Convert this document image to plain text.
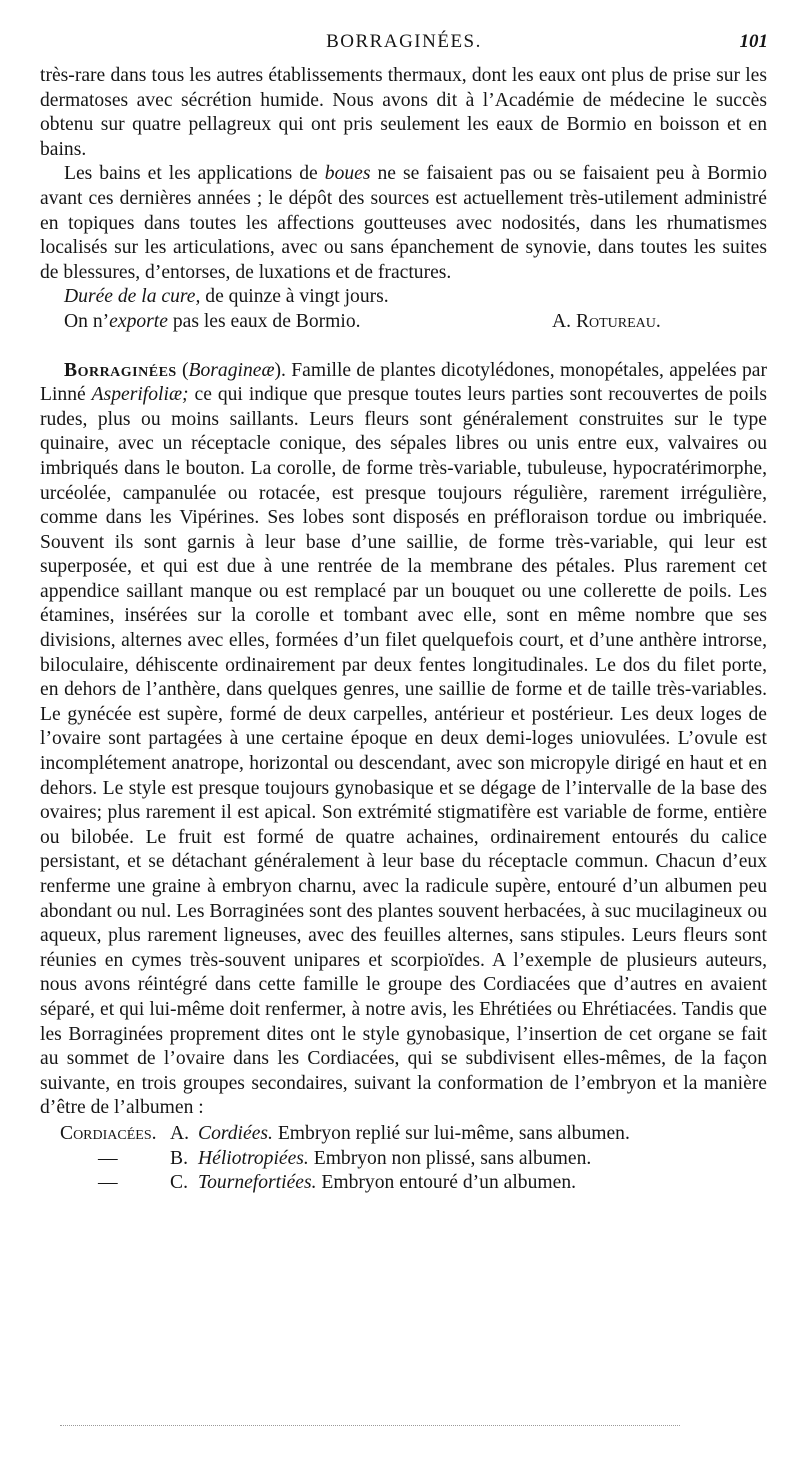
BORRAGINÉES.	101

très-rare dans tous les autres établissements thermaux, dont les eaux ont plus de prise sur les dermatoses avec sécrétion humide. Nous avons dit à l’Académie de médecine le succès obtenu sur quatre pellagreux qui ont pris seulement les eaux de Bormio en boisson et en bains.

Les bains et les applications de boues ne se faisaient pas ou se faisaient peu à Bormio avant ces dernières années ; le dépôt des sources est actuellement très-utilement administré en topiques dans toutes les affections goutteuses avec nodosités, dans les rhumatismes localisés sur les articulations, avec ou sans épanchement de synovie, dans toutes les suites de blessures, d’entorses, de luxations et de fractures.

Durée de la cure, de quinze à vingt jours.

On n’exporte pas les eaux de Bormio.	A. Rotureau.

Borraginées (Boragineæ). Famille de plantes dicotylédones, monopétales, appelées par Linné Asperifoliæ; ce qui indique que presque toutes leurs parties sont recouvertes de poils rudes, plus ou moins saillants. Leurs fleurs sont généralement construites sur le type quinaire, avec un réceptacle conique, des sépales libres ou unis entre eux, valvaires ou imbriqués dans le bouton. La corolle, de forme très-variable, tubuleuse, hypocratérimorphe, urcéolée, campanulée ou rotacée, est presque toujours régulière, rarement irrégulière, comme dans les Vipérines. Ses lobes sont disposés en préfloraison tordue ou imbriquée. Souvent ils sont garnis à leur base d’une saillie, de forme très-variable, qui leur est superposée, et qui est due à une rentrée de la membrane des pétales. Plus rarement cet appendice saillant manque ou est remplacé par un bouquet ou une collerette de poils. Les étamines, insérées sur la corolle et tombant avec elle, sont en même nombre que ses divisions, alternes avec elles, formées d’un filet quelquefois court, et d’une anthère introrse, biloculaire, déhiscente ordinairement par deux fentes longitudinales. Le dos du filet porte, en dehors de l’anthère, dans quelques genres, une saillie de forme et de taille très-variables. Le gynécée est supère, formé de deux carpelles, antérieur et postérieur. Les deux loges de l’ovaire sont partagées à une certaine époque en deux demi-loges uniovulées. L’ovule est incomplétement anatrope, horizontal ou descendant, avec son micropyle dirigé en haut et en dehors. Le style est presque toujours gynobasique et se dégage de l’intervalle de la base des ovaires; plus rarement il est apical. Son extrémité stigmatifère est variable de forme, entière ou bilobée. Le fruit est formé de quatre achaines, ordinairement entourés du calice persistant, et se détachant généralement à leur base du réceptacle commun. Chacun d’eux renferme une graine à embryon charnu, avec la radicule supère, entouré d’un albumen peu abondant ou nul. Les Borraginées sont des plantes souvent herbacées, à suc mucilagineux ou aqueux, plus rarement ligneuses, avec des feuilles alternes, sans stipules. Leurs fleurs sont réunies en cymes très-souvent unipares et scorpioïdes. A l’exemple de plusieurs auteurs, nous avons réintégré dans cette famille le groupe des Cordiacées que d’autres en avaient séparé, et qui lui-même doit renfermer, à notre avis, les Ehrétiées ou Ehrétiacées. Tandis que les Borraginées proprement dites ont le style gynobasique, l’insertion de cet organe se fait au sommet de l’ovaire dans les Cordiacées, qui se subdivisent elles-mêmes, de la façon suivante, en trois groupes secondaires, suivant la conformation de l’embryon et la manière d’être de l’albumen :

Cordiacées. A. Cordiées. Embryon replié sur lui-même, sans albumen.
—	B. Héliotropiées. Embryon non plissé, sans albumen.
—	C. Tournefortiées. Embryon entouré d’un albumen.
